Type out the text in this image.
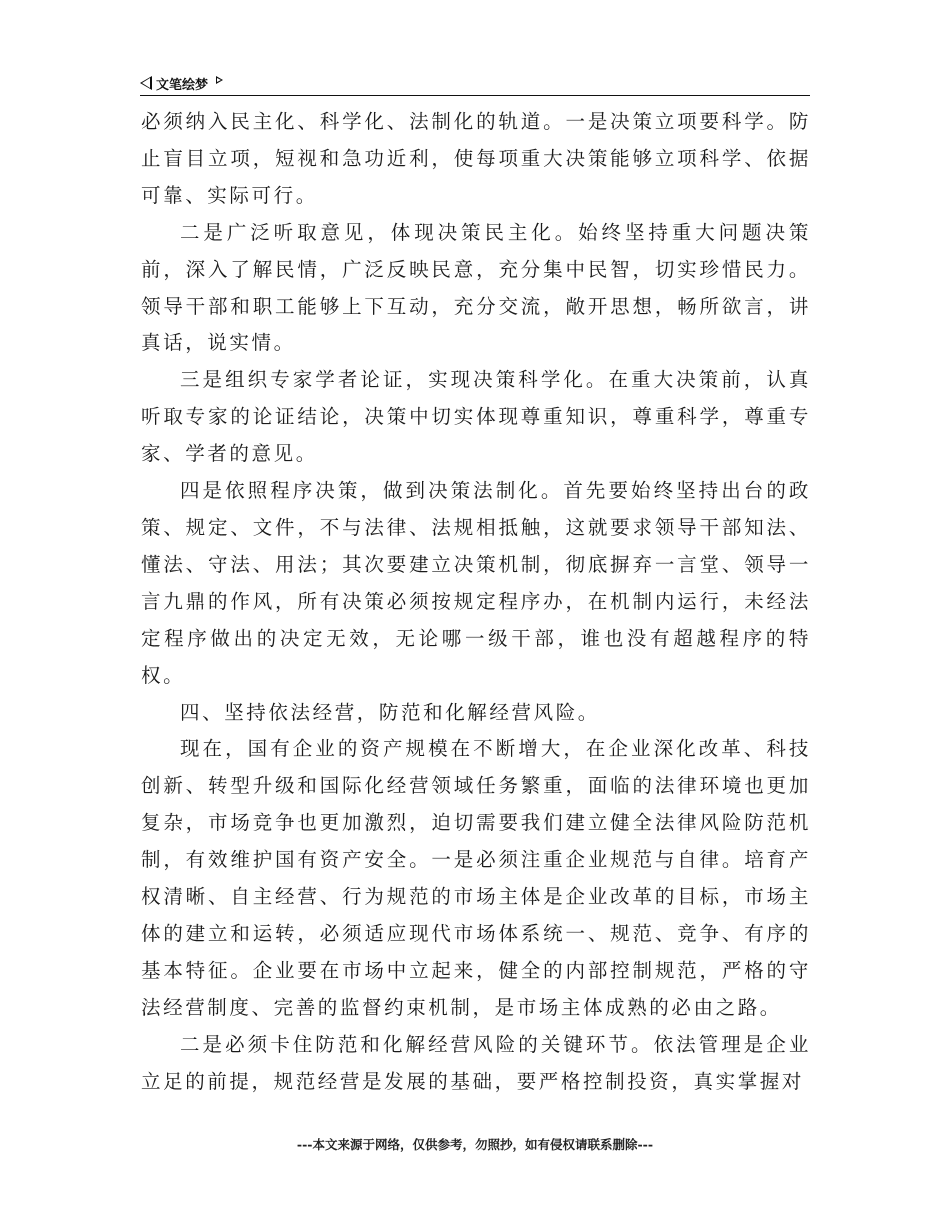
文笔绘梦

必须纳入民主化、科学化、法制化的轨道。一是决策立项要科学。防止盲目立项，短视和急功近利，使每项重大决策能够立项科学、依据可靠、实际可行。

二是广泛听取意见，体现决策民主化。始终坚持重大问题决策前，深入了解民情，广泛反映民意，充分集中民智，切实珍惜民力。领导干部和职工能够上下互动，充分交流，敞开思想，畅所欲言，讲真话，说实情。

三是组织专家学者论证，实现决策科学化。在重大决策前，认真听取专家的论证结论，决策中切实体现尊重知识，尊重科学，尊重专家、学者的意见。

四是依照程序决策，做到决策法制化。首先要始终坚持出台的政策、规定、文件，不与法律、法规相抵触，这就要求领导干部知法、懂法、守法、用法；其次要建立决策机制，彻底摒弃一言堂、领导一言九鼎的作风，所有决策必须按规定程序办，在机制内运行，未经法定程序做出的决定无效，无论哪一级干部，谁也没有超越程序的特权。

四、坚持依法经营，防范和化解经营风险。

现在，国有企业的资产规模在不断增大，在企业深化改革、科技创新、转型升级和国际化经营领域任务繁重，面临的法律环境也更加复杂，市场竞争也更加激烈，迫切需要我们建立健全法律风险防范机制，有效维护国有资产安全。一是必须注重企业规范与自律。培育产权清晰、自主经营、行为规范的市场主体是企业改革的目标，市场主体的建立和运转，必须适应现代市场体系统一、规范、竞争、有序的基本特征。企业要在市场中立起来，健全的内部控制规范，严格的守法经营制度、完善的监督约束机制，是市场主体成熟的必由之路。

二是必须卡住防范和化解经营风险的关键环节。依法管理是企业立足的前提，规范经营是发展的基础，要严格控制投资，真实掌握对

---本文来源于网络，仅供参考，勿照抄，如有侵权请联系删除---
